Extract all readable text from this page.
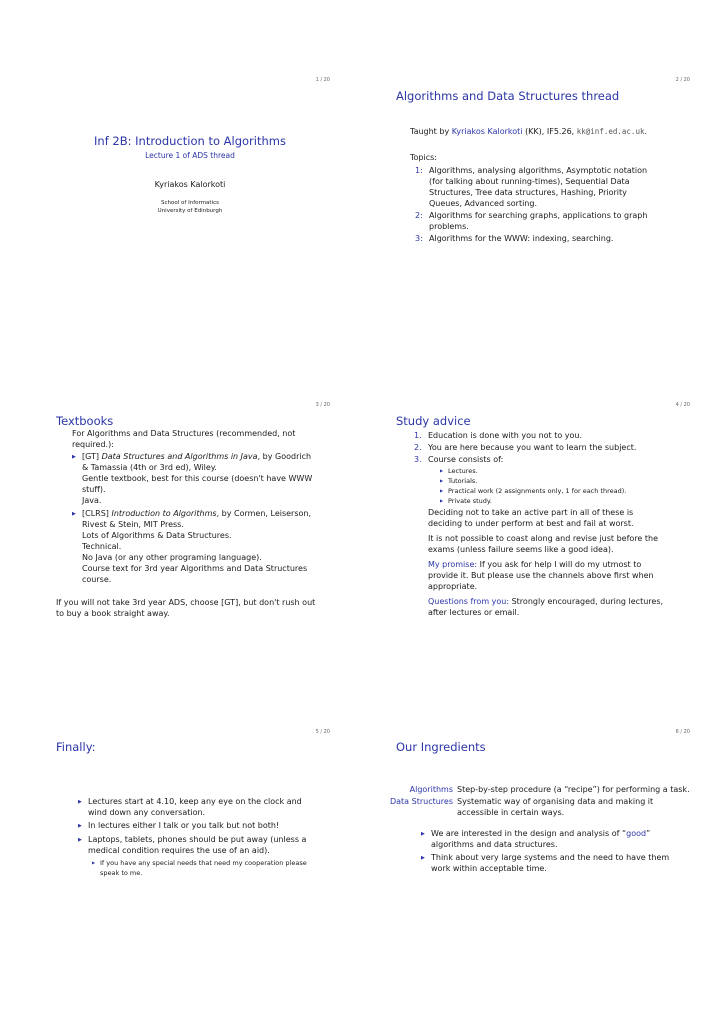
1 / 20
Inf 2B: Introduction to Algorithms
Lecture 1 of ADS thread
Kyriakos Kalorkoti
School of Informatics
University of Edinburgh
2 / 20
Algorithms and Data Structures thread

Taught by Kyriakos Kalorkoti (KK), IF5.26, kk@inf.ed.ac.uk.

Topics:

1: Algorithms, analysing algorithms, Asymptotic notation (for talking about running-times), Sequential Data Structures, Tree data structures, Hashing, Priority Queues, Advanced sorting.
2: Algorithms for searching graphs, applications to graph problems.
3: Algorithms for the WWW: indexing, searching.
3 / 20
Textbooks

For Algorithms and Data Structures (recommended, not required.):

▶ [GT] Data Structures and Algorithms in Java, by Goodrich & Tamassia (4th or 3rd ed), Wiley.

Gentle textbook, best for this course (doesn't have WWW stuff).

Java.

▶ [CLRS] Introduction to Algorithms, by Cormen, Leiserson, Rivest & Stein, MIT Press.

Lots of Algorithms & Data Structures.

Technical.

No Java (or any other programing language).

Course text for 3rd year Algorithms and Data Structures course.

If you will not take 3rd year ADS, choose [GT], but don't rush out to buy a book straight away.

4 / 20
Study advice
1. Education is done with you not to you.
2. You are here because you want to learn the subject.
3. Course consists of:
▶ Lectures.
▶ Tutorials.
▶ Practical work (2 assignments only, 1 for each thread).
▶ Private study.

Deciding not to take an active part in all of these is deciding to under perform at best and fail at worst.

It is not possible to coast along and revise just before the exams (unless failure seems like a good idea).

My promise: If you ask for help I will do my utmost to provide it. But please use the channels above first when appropriate.

Questions from you: Strongly encouraged, during lectures, after lectures or email.

5 / 20
Finally:
▶ Lectures start at 4.10, keep any eye on the clock and wind down any conversation.
▶ In lectures either I talk or you talk but not both!
▶ Laptops, tablets, phones should be put away (unless a medical condition requires the use of an aid).
▶ If you have any special needs that need my cooperation please speak to me.
6 / 20
Our Ingredients
Algorithms Step-by-step procedure (a “recipe”) for performing a task.
Data Structures Systematic way of organising data and making it accessible in certain ways.
▶ We are interested in the design and analysis of “good” algorithms and data structures.
▶ Think about very large systems and the need to have them work within acceptable time.
